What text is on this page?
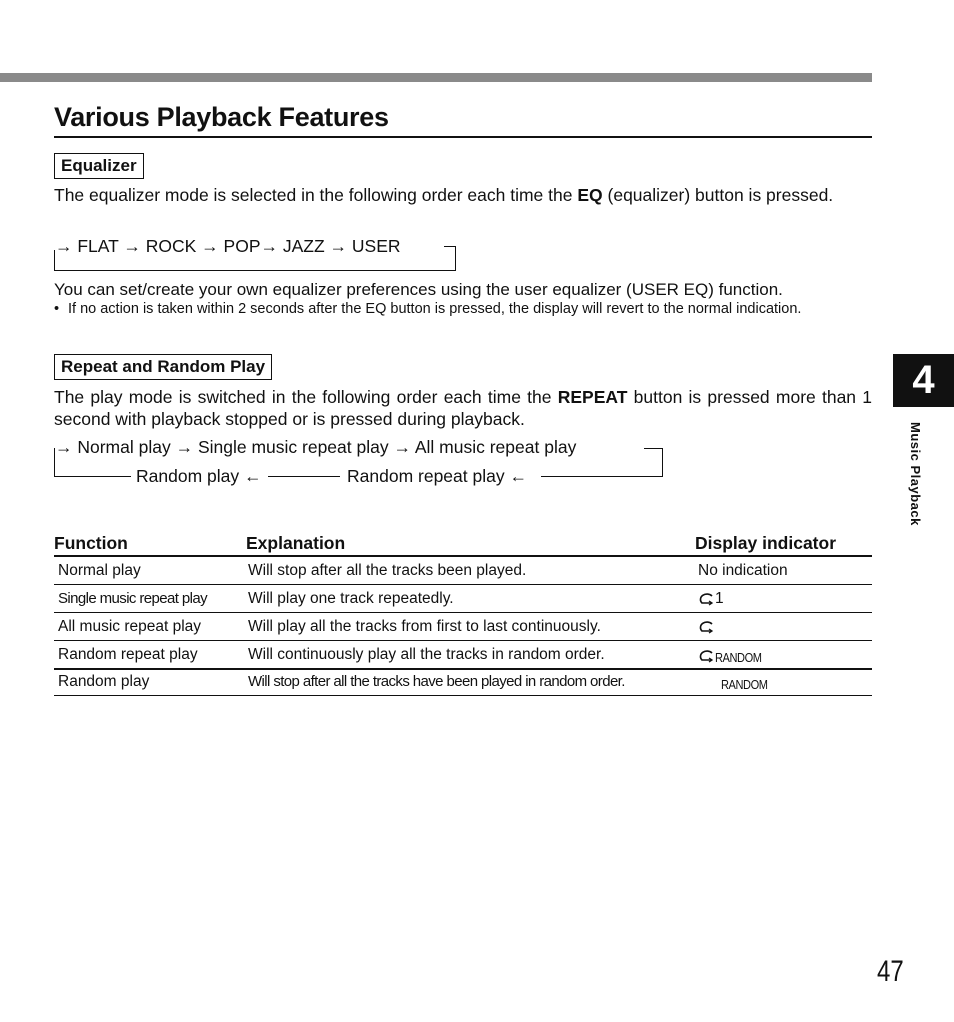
Various Playback Features
Equalizer
The equalizer mode is selected in the following order each time the EQ (equalizer) button is pressed.
→ FLAT → ROCK → POP→ JAZZ → USER
You can set/create your own equalizer preferences using the user equalizer (USER EQ) function.
• If no action is taken within 2 seconds after the EQ button is pressed, the display will revert to the normal indication.
Repeat and Random Play
The play mode is switched in the following order each time the REPEAT button is pressed more than 1 second with playback stopped or is pressed during playback.
→ Normal play → Single music repeat play → All music repeat play
Random repeat play ←
Random play ←
Function	Explanation	Display indicator
Normal play	Will stop after all the tracks been played.	No indication
Single music repeat play	Will play one track repeatedly.	1
All music repeat play	Will play all the tracks from first to last continuously.
Random repeat play	Will continuously play all the tracks in random order.	RANDOM
Random play	Will stop after all the tracks have been played in random order.	RANDOM
4
Music Playback
47
